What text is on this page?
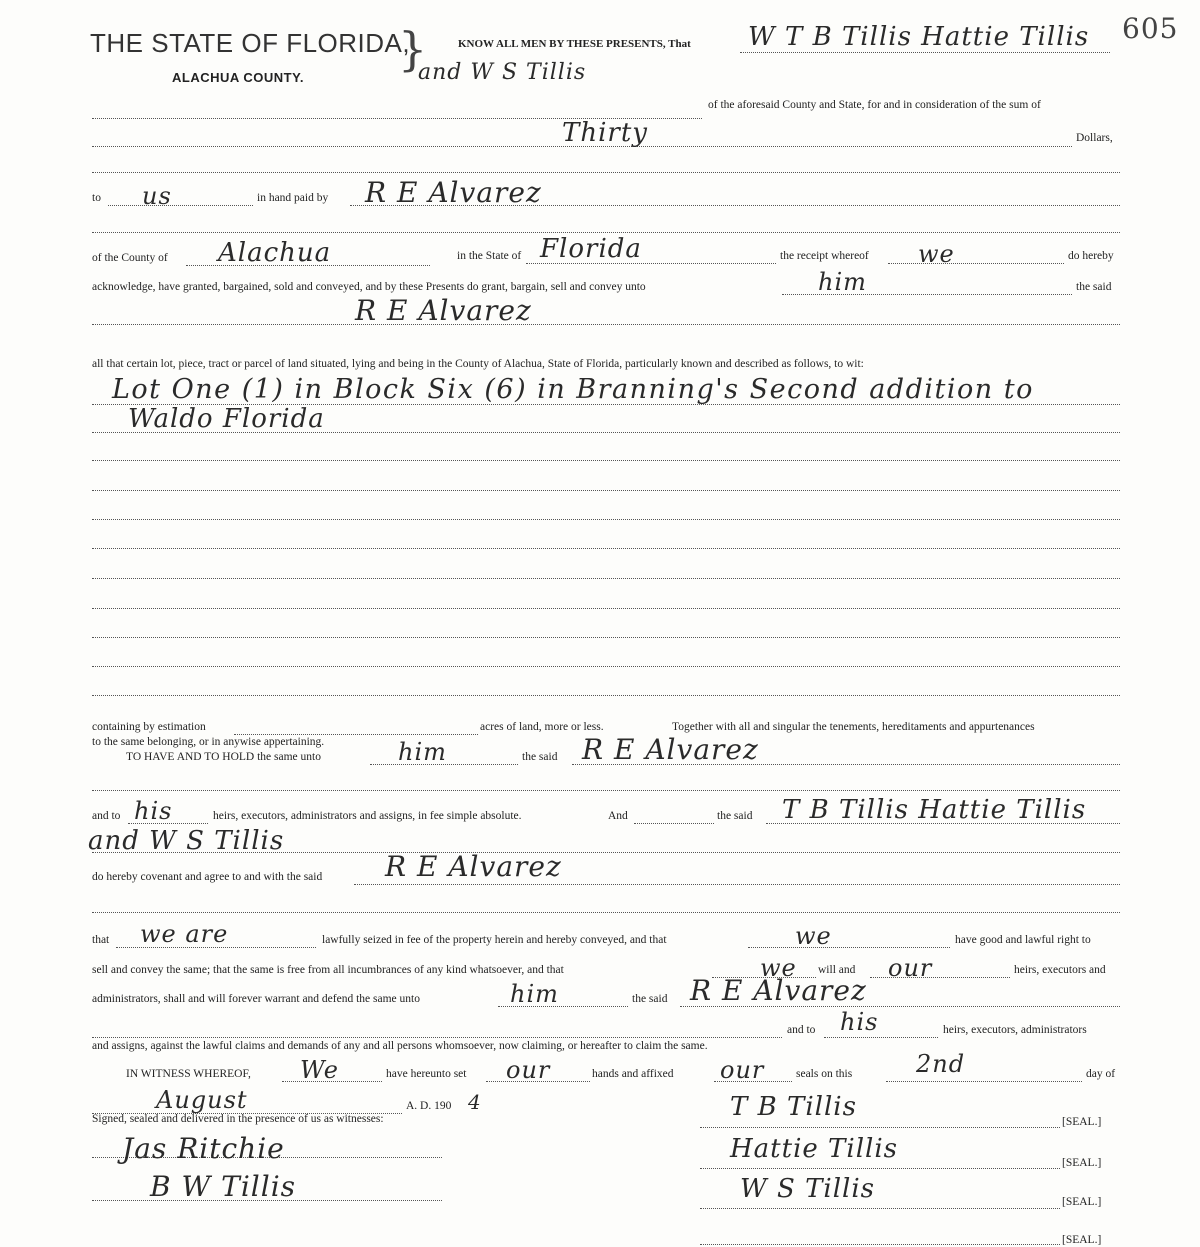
THE STATE OF FLORIDA,
}
ALACHUA COUNTY.
KNOW ALL MEN BY THESE PRESENTS, That W T B Tillis Hattie Tillis 605
and W S Tillis
of the aforesaid County and State, for and in consideration of the sum of
Thirty	Dollars,
to us	in hand paid by R E Alvarez
of the County of Alachua	in the State of Florida	the receipt whereof we	do hereby
acknowledge, have granted, bargained, sold and conveyed, and by these Presents do grant, bargain, sell and convey unto	him	the said
R E Alvarez
all that certain lot, piece, tract or parcel of land situated, lying and being in the County of Alachua, State of Florida, particularly known and described as follows, to wit:
Lot One (1) in Block Six (6) in Branning's Second addition to
Waldo Florida
containing by estimation	acres of land, more or less.	Together with all and singular the tenements, hereditaments and appurtenances
to the same belonging, or in anywise appertaining.
TO HAVE AND TO HOLD the same unto	him	the said R E Alvarez
and to his	heirs, executors, administrators and assigns, in fee simple absolute.	And	the said T B Tillis Hattie Tillis
and W S Tillis
do hereby covenant and agree to and with the said R E Alvarez
that we are	lawfully seized in fee of the property herein and hereby conveyed, and that	we	have good and lawful right to
sell and convey the same; that the same is free from all incumbrances of any kind whatsoever, and that	we will and our	heirs, executors and
administrators, shall and will forever warrant and defend the same unto	him	the said R E Alvarez
and to his	heirs, executors, administrators
and assigns, against the lawful claims and demands of any and all persons whomsoever, now claiming, or hereafter to claim the same.
IN WITNESS WHEREOF, We	have hereunto set our	hands and affixed our	seals on this	2nd	day of
August	A. D. 190 4
Signed, sealed and delivered in the presence of us as witnesses:	T B Tillis	[SEAL.]
Jas Ritchie	Hattie Tillis	[SEAL.]
B W Tillis	W S Tillis	[SEAL.]
[SEAL.]
